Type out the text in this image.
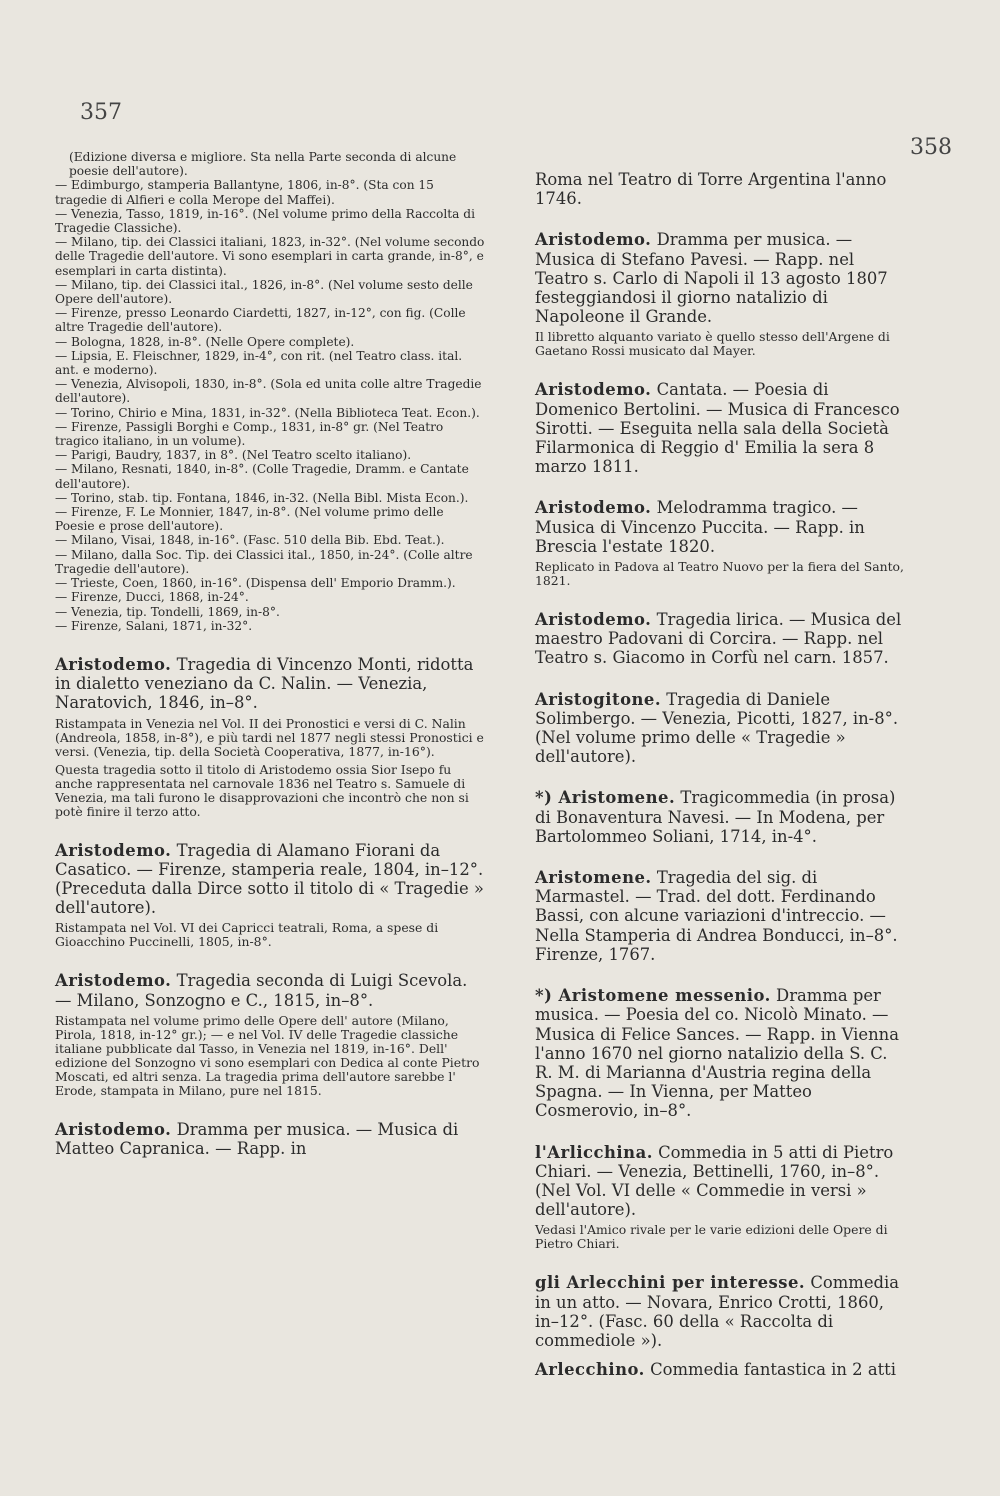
357
358

(Edizione diversa e migliore. Sta nella Parte seconda di alcune poesie dell'autore).

— Edimburgo, stamperia Ballantyne, 1806, in-8°. (Sta con 15 tragedie di Alfieri e colla Merope del Maffei).

— Venezia, Tasso, 1819, in-16°. (Nel volume primo della Raccolta di Tragedie Classiche).

— Milano, tip. dei Classici italiani, 1823, in-32°. (Nel volume secondo delle Tragedie dell'autore. Vi sono esemplari in carta grande, in-8°, e esemplari in carta distinta).

— Milano, tip. dei Classici ital., 1826, in-8°. (Nel volume sesto delle Opere dell'autore).

— Firenze, presso Leonardo Ciardetti, 1827, in-12°, con fig. (Colle altre Tragedie dell'autore).

— Bologna, 1828, in-8°. (Nelle Opere complete).

— Lipsia, E. Fleischner, 1829, in-4°, con rit. (nel Teatro class. ital. ant. e moderno).

— Venezia, Alvisopoli, 1830, in-8°. (Sola ed unita colle altre Tragedie dell'autore).

— Torino, Chirio e Mina, 1831, in-32°. (Nella Biblioteca Teat. Econ.).

— Firenze, Passigli Borghi e Comp., 1831, in-8° gr. (Nel Teatro tragico italiano, in un volume).

— Parigi, Baudry, 1837, in 8°. (Nel Teatro scelto italiano).

— Milano, Resnati, 1840, in-8°. (Colle Tragedie, Dramm. e Cantate dell'autore).

— Torino, stab. tip. Fontana, 1846, in-32. (Nella Bibl. Mista Econ.).

— Firenze, F. Le Monnier, 1847, in-8°. (Nel volume primo delle Poesie e prose dell'autore).

— Milano, Visai, 1848, in-16°. (Fasc. 510 della Bib. Ebd. Teat.).

— Milano, dalla Soc. Tip. dei Classici ital., 1850, in-24°. (Colle altre Tragedie dell'autore).

— Trieste, Coen, 1860, in-16°. (Dispensa dell' Emporio Dramm.).

— Firenze, Ducci, 1868, in-24°.

— Venezia, tip. Tondelli, 1869, in-8°.

— Firenze, Salani, 1871, in-32°.

Aristodemo. Tragedia di Vincenzo Monti, ridotta in dialetto veneziano da C. Nalin. — Venezia, Naratovich, 1846, in–8°.

Ristampata in Venezia nel Vol. II dei Pronostici e versi di C. Nalin (Andreola, 1858, in-8°), e più tardi nel 1877 negli stessi Pronostici e versi. (Venezia, tip. della Società Cooperativa, 1877, in-16°).

Questa tragedia sotto il titolo di Aristodemo ossia Sior Isepo fu anche rappresentata nel carnovale 1836 nel Teatro s. Samuele di Venezia, ma tali furono le disapprovazioni che incontrò che non si potè finire il terzo atto.

Aristodemo. Tragedia di Alamano Fiorani da Casatico. — Firenze, stamperia reale, 1804, in–12°. (Preceduta dalla Dirce sotto il titolo di « Tragedie » dell'autore).

Ristampata nel Vol. VI dei Capricci teatrali, Roma, a spese di Gioacchino Puccinelli, 1805, in-8°.

Aristodemo. Tragedia seconda di Luigi Scevola. — Milano, Sonzogno e C., 1815, in–8°.

Ristampata nel volume primo delle Opere dell' autore (Milano, Pirola, 1818, in-12° gr.); — e nel Vol. IV delle Tragedie classiche italiane pubblicate dal Tasso, in Venezia nel 1819, in-16°. Dell' edizione del Sonzogno vi sono esemplari con Dedica al conte Pietro Moscati, ed altri senza. La tragedia prima dell'autore sarebbe l' Erode, stampata in Milano, pure nel 1815.

Aristodemo. Dramma per musica. — Musica di Matteo Capranica. — Rapp. in

Roma nel Teatro di Torre Argentina l'anno 1746.

Aristodemo. Dramma per musica. — Musica di Stefano Pavesi. — Rapp. nel Teatro s. Carlo di Napoli il 13 agosto 1807 festeggiandosi il giorno natalizio di Napoleone il Grande.

Il libretto alquanto variato è quello stesso dell'Argene di Gaetano Rossi musicato dal Mayer.

Aristodemo. Cantata. — Poesia di Domenico Bertolini. — Musica di Francesco Sirotti. — Eseguita nella sala della Società Filarmonica di Reggio d' Emilia la sera 8 marzo 1811.

Aristodemo. Melodramma tragico. — Musica di Vincenzo Puccita. — Rapp. in Brescia l'estate 1820.

Replicato in Padova al Teatro Nuovo per la fiera del Santo, 1821.

Aristodemo. Tragedia lirica. — Musica del maestro Padovani di Corcira. — Rapp. nel Teatro s. Giacomo in Corfù nel carn. 1857.

Aristogitone. Tragedia di Daniele Solimbergo. — Venezia, Picotti, 1827, in-8°. (Nel volume primo delle « Tragedie » dell'autore).

*) Aristomene. Tragicommedia (in prosa) di Bonaventura Navesi. — In Modena, per Bartolommeo Soliani, 1714, in-4°.

Aristomene. Tragedia del sig. di Marmastel. — Trad. del dott. Ferdinando Bassi, con alcune variazioni d'intreccio. — Nella Stamperia di Andrea Bonducci, in–8°. Firenze, 1767.

*) Aristomene messenio. Dramma per musica. — Poesia del co. Nicolò Minato. — Musica di Felice Sances. — Rapp. in Vienna l'anno 1670 nel giorno natalizio della S. C. R. M. di Marianna d'Austria regina della Spagna. — In Vienna, per Matteo Cosmerovio, in–8°.

l'Arlicchina. Commedia in 5 atti di Pietro Chiari. — Venezia, Bettinelli, 1760, in–8°. (Nel Vol. VI delle « Commedie in versi » dell'autore).

Vedasi l'Amico rivale per le varie edizioni delle Opere di Pietro Chiari.

gli Arlecchini per interesse. Commedia in un atto. — Novara, Enrico Crotti, 1860, in–12°. (Fasc. 60 della « Raccolta di commediole »).

Arlecchino. Commedia fantastica in 2 atti
